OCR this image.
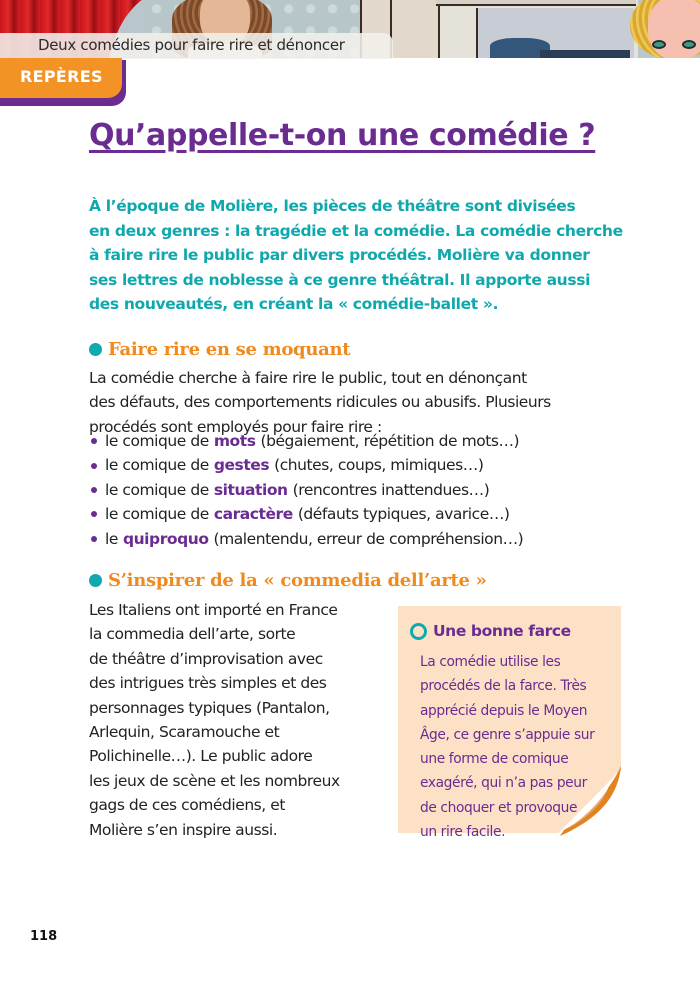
Deux comédies pour faire rire et dénoncer
REPÈRES
Qu’appelle-t-on une comédie ?
À l’époque de Molière, les pièces de théâtre sont divisées
en deux genres : la tragédie et la comédie. La comédie cherche
à faire rire le public par divers procédés. Molière va donner
ses lettres de noblesse à ce genre théâtral. Il apporte aussi
des nouveautés, en créant la « comédie-ballet ».
Faire rire en se moquant
La comédie cherche à faire rire le public, tout en dénonçant
des défauts, des comportements ridicules ou abusifs. Plusieurs
procédés sont employés pour faire rire :
le comique de mots (bégaiement, répétition de mots…)
le comique de gestes (chutes, coups, mimiques…)
le comique de situation (rencontres inattendues…)
le comique de caractère (défauts typiques, avarice…)
le quiproquo (malentendu, erreur de compréhension…)
S’inspirer de la « commedia dell’arte »
Les Italiens ont importé en France
la commedia dell’arte, sorte
de théâtre d’improvisation avec
des intrigues très simples et des
personnages typiques (Pantalon,
Arlequin, Scaramouche et
Polichinelle…). Le public adore
les jeux de scène et les nombreux
gags de ces comédiens, et
Molière s’en inspire aussi.
Une bonne farce
La comédie utilise les
procédés de la farce. Très
apprécié depuis le Moyen
Âge, ce genre s’appuie sur
une forme de comique
exagéré, qui n’a pas peur
de choquer et provoque
un rire facile.
118
